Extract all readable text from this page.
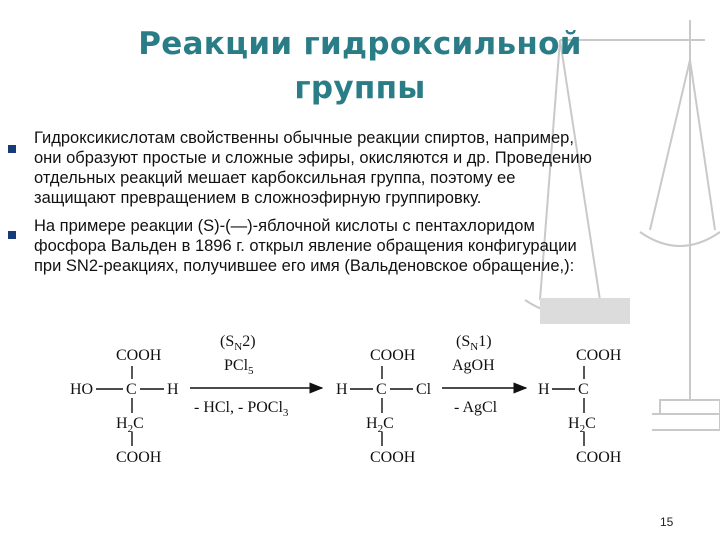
Реакции гидроксильной
группы
Гидроксикислотам свойственны обычные реакции спиртов, например,
они образуют простые и сложные эфиры, окисляются и др. Проведению
отдельных реакций мешает карбоксильная группа, поэтому ее
защищают превращением в сложноэфирную группировку.
На примере реакции (S)-(—)-яблочной кислоты с пентахлоридом
фосфора Вальден в 1896 г. открыл явление обращения конфигурации
при SN2-реакциях, получившее его имя (Вальденовское обращение,):
COOH
HO C H
$H_2C$
COOH
$(S_N2)$
PCl$_5$
- HCl, - POCl$_3$
COOH
H C Cl
$H_2C$
COOH
$(S_N1)$
AgOH
- AgCl
COOH
H C
$H_2C$
COOH
15
